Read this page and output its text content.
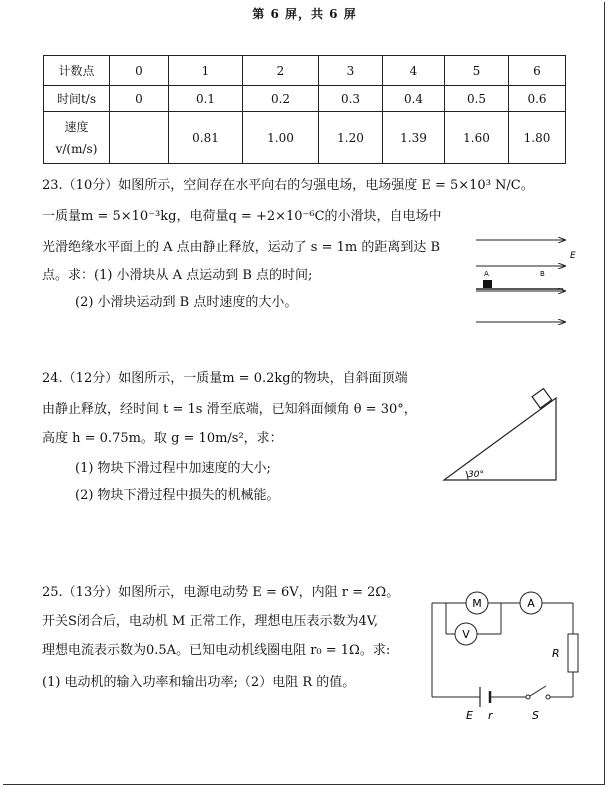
第 6 屏，共 6 屏
计数点	0	1	2	3	4	5	6
时间t/s	0	0.1	0.2	0.3	0.4	0.5	0.6
速度 v/(m/s)		0.81	1.00	1.20	1.39	1.60	1.80
23.（10分）如图所示，空间存在水平向右的匀强电场，电场强度 E = 5×10³ N/C。
一质量m = 5×10⁻³kg，电荷量q = +2×10⁻⁶C的小滑块，自电场中
光滑绝缘水平面上的 A 点由静止释放，运动了 s = 1m 的距离到达 B
点。求：(1) 小滑块从 A 点运动到 B 点的时间;
(2) 小滑块运动到 B 点时速度的大小。
E
A	B
24.（12分）如图所示，一质量m = 0.2kg的物块，自斜面顶端
由静止释放，经时间 t = 1s 滑至底端，已知斜面倾角 θ = 30°，
高度 h = 0.75m。取 g = 10m/s²，求：
(1) 物块下滑过程中加速度的大小;
(2) 物块下滑过程中损失的机械能。
30°
25.（13分）如图所示，电源电动势 E = 6V，内阻 r = 2Ω。
开关S闭合后，电动机 M 正常工作，理想电压表示数为4V,
理想电流表示数为0.5A。已知电动机线圈电阻 r₀ = 1Ω。求:
(1) 电动机的输入功率和输出功率;（2）电阻 R 的值。
M	A
V
R
E r	S
